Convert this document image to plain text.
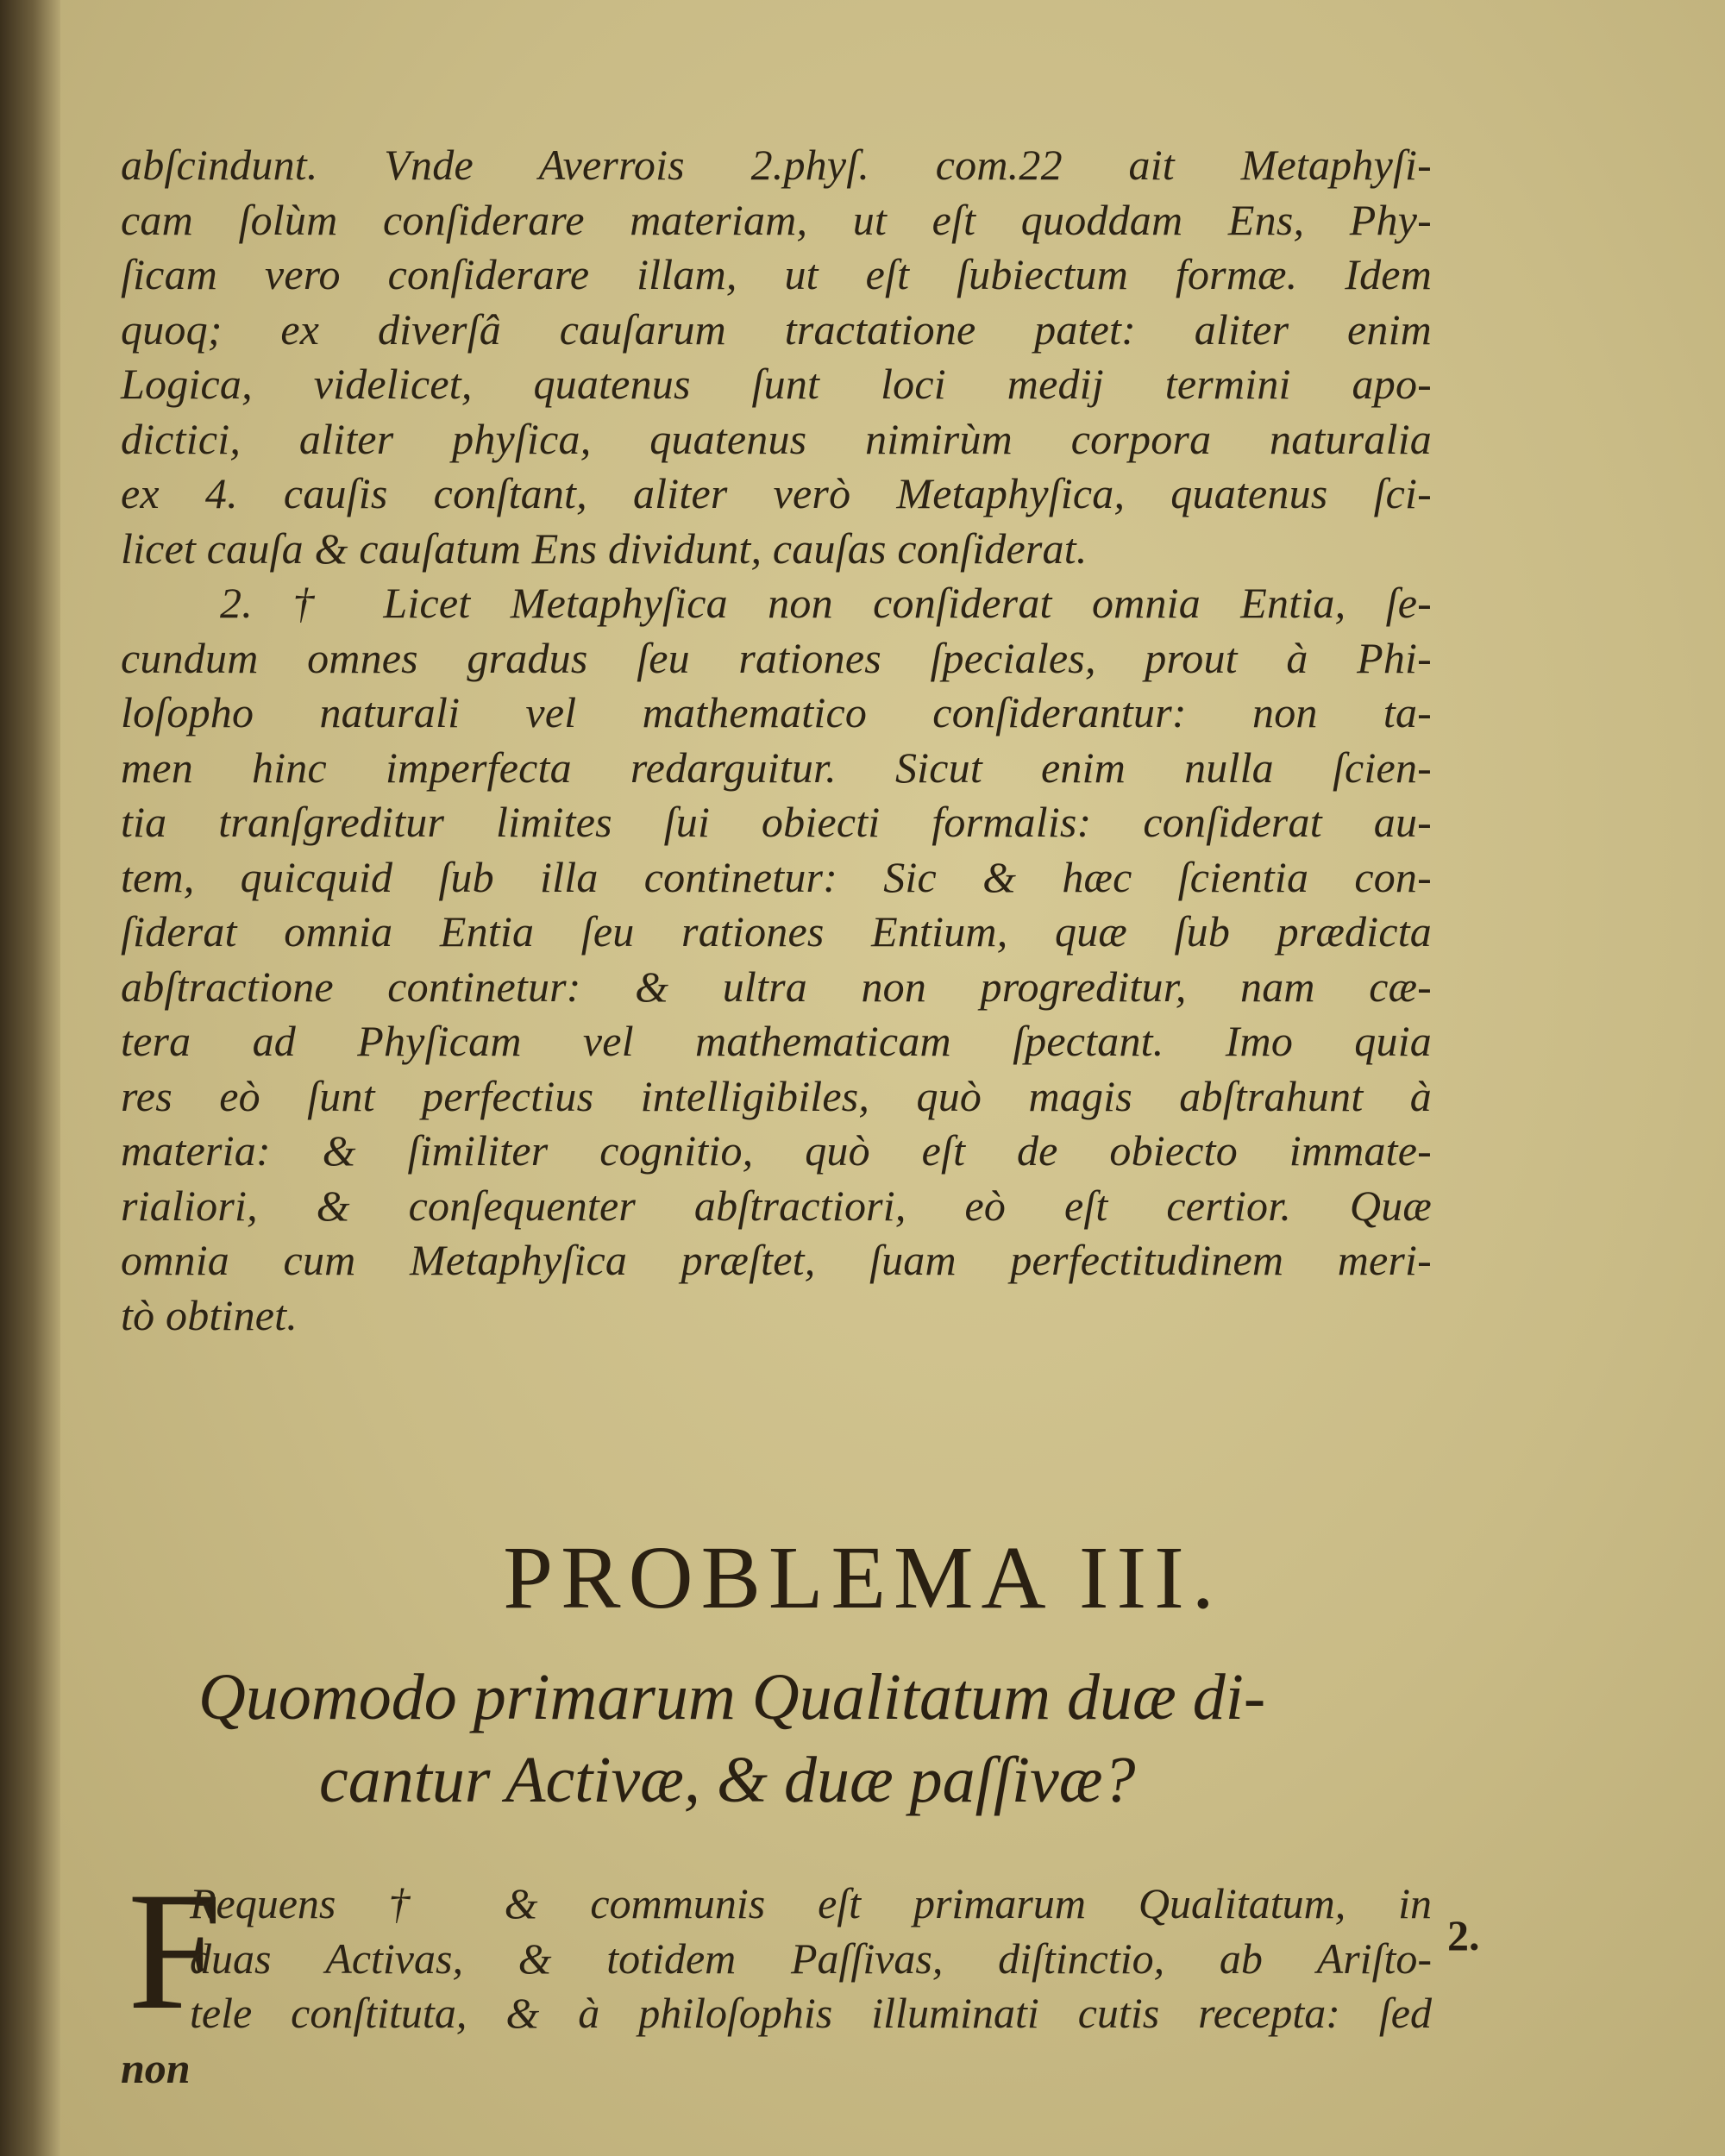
abſcindunt. Vnde Averrois 2.phyſ. com.22 ait Metaphyſi-
cam ſolùm conſiderare materiam, ut eſt quoddam Ens, Phy-
ſicam vero conſiderare illam, ut eſt ſubiectum formæ. Idem
quoq; ex diverſâ cauſarum tractatione patet: aliter enim
Logica, videlicet, quatenus ſunt loci medij termini apo-
dictici, aliter phyſica, quatenus nimirùm corpora naturalia
ex 4. cauſis conſtant, aliter verò Metaphyſica, quatenus ſci-
licet cauſa & cauſatum Ens dividunt, cauſas conſiderat.
2. † Licet Metaphyſica non conſiderat omnia Entia, ſe-
cundum omnes gradus ſeu rationes ſpeciales, prout à Phi-
loſopho naturali vel mathematico conſiderantur: non ta-
men hinc imperfecta redarguitur. Sicut enim nulla ſcien-
tia tranſgreditur limites ſui obiecti formalis: conſiderat au-
tem, quicquid ſub illa continetur: Sic & hæc ſcientia con-
ſiderat omnia Entia ſeu rationes Entium, quæ ſub prædicta
abſtractione continetur: & ultra non progreditur, nam cæ-
tera ad Phyſicam vel mathematicam ſpectant. Imo quia
res eò ſunt perfectius intelligibiles, quò magis abſtrahunt à
materia: & ſimiliter cognitio, quò eſt de obiecto immate-
rialiori, & conſequenter abſtractiori, eò eſt certior. Quæ
omnia cum Metaphyſica præſtet, ſuam perfectitudinem meri-
tò obtinet.
PROBLEMA III.
Quomodo primarum Qualitatum duæ di-
cantur Activæ, & duæ paſſivæ?
F	2.
Requens † & communis eſt primarum Qualitatum, in
duas Activas, & totidem Paſſivas, diſtinctio, ab Ariſto-
tele conſtituta, & à philoſophis illuminati cutis recepta: ſed
non
